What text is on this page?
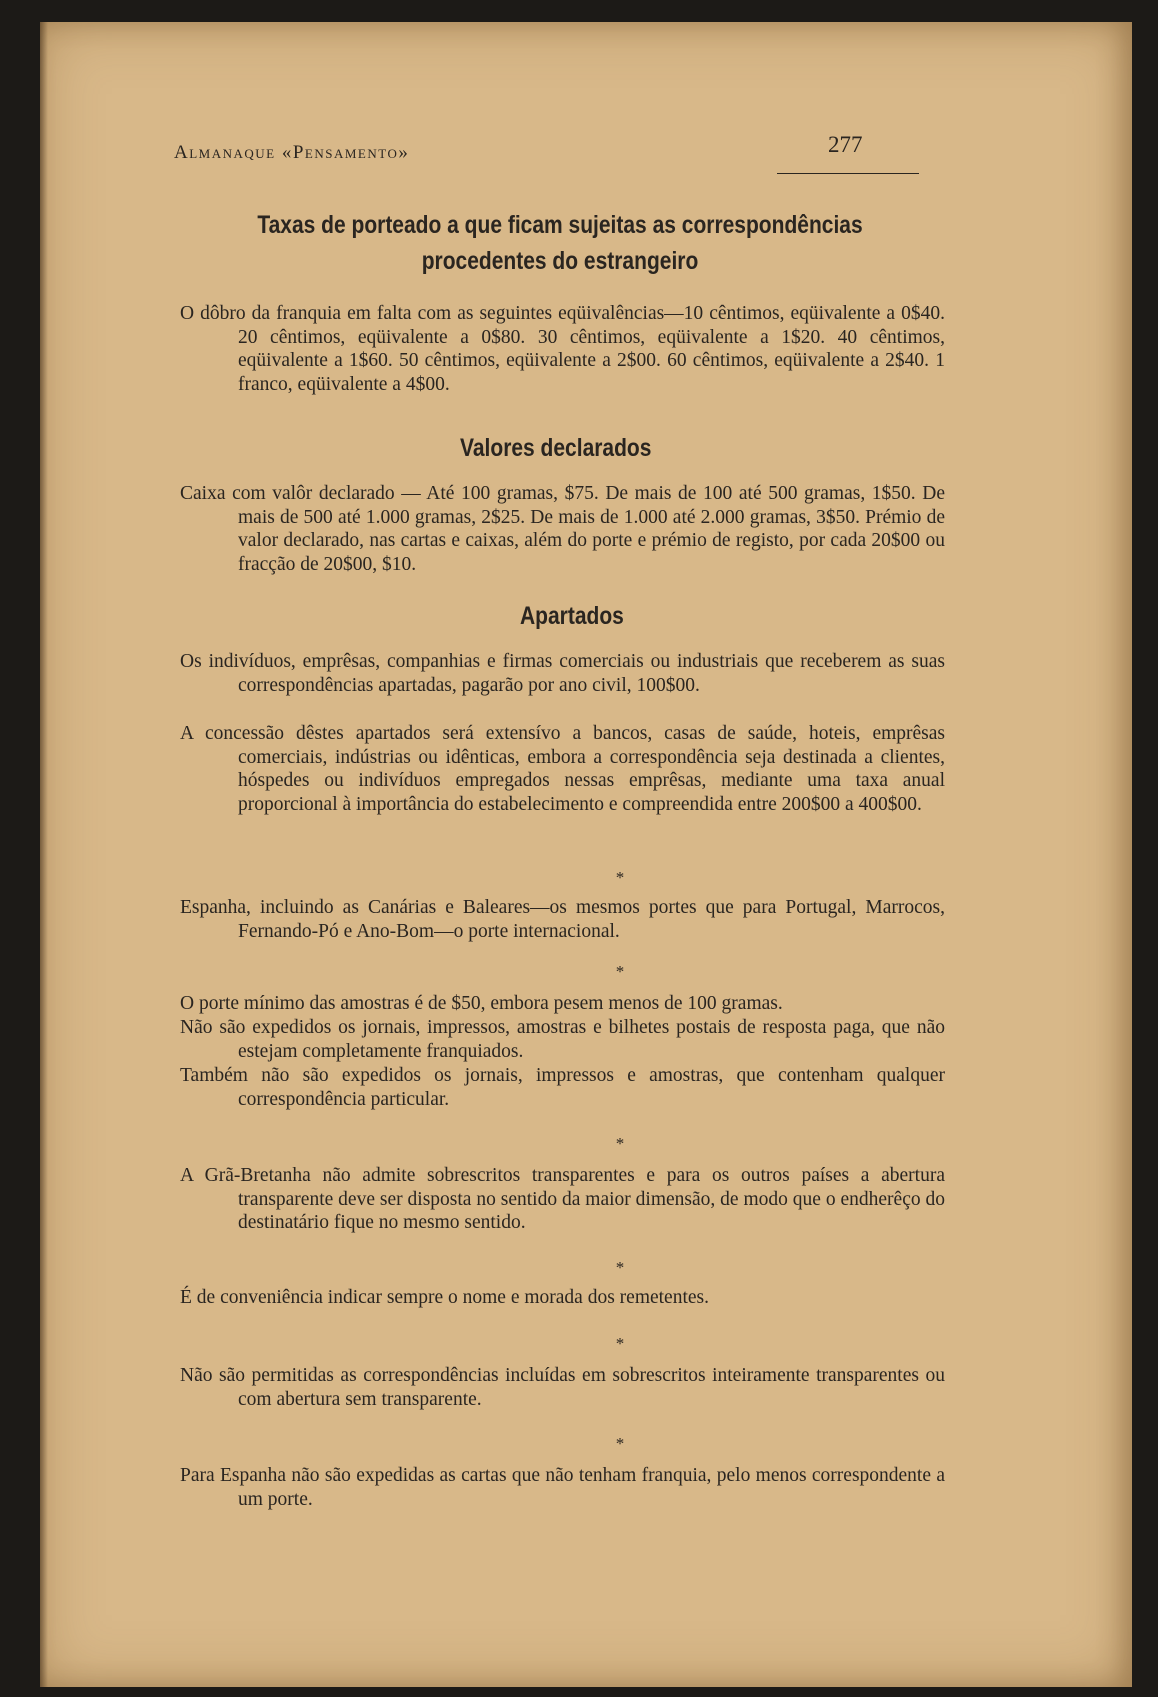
Almanaque «Pensamento»	277
Taxas de porteado a que ficam sujeitas as correspondências
procedentes do estrangeiro

O dôbro da franquia em falta com as seguintes eqüivalências—10 cêntimos, eqüivalente a 0$40. 20 cêntimos, eqüivalente a 0$80. 30 cêntimos, eqüivalente a 1$20. 40 cêntimos, eqüivalente a 1$60. 50 cêntimos, eqüivalente a 2$00. 60 cêntimos, eqüivalente a 2$40. 1 franco, eqüivalente a 4$00.

Valores declarados

Caixa com valôr declarado — Até 100 gramas, $75. De mais de 100 até 500 gramas, 1$50. De mais de 500 até 1.000 gramas, 2$25. De mais de 1.000 até 2.000 gramas, 3$50. Prémio de valor declarado, nas cartas e caixas, além do porte e prémio de registo, por cada 20$00 ou fracção de 20$00, $10.

Apartados

Os indivíduos, emprêsas, companhias e firmas comerciais ou industriais que receberem as suas correspondências apartadas, pagarão por ano civil, 100$00.

A concessão dêstes apartados será extensívo a bancos, casas de saúde, hoteis, emprêsas comerciais, indústrias ou idênticas, embora a correspondência seja destinada a clientes, hóspedes ou indivíduos empregados nessas emprêsas, mediante uma taxa anual proporcional à importância do estabelecimento e compreendida entre 200$00 a 400$00.

*

Espanha, incluindo as Canárias e Baleares—os mesmos portes que para Portugal, Marrocos, Fernando-Pó e Ano-Bom—o porte internacional.

*

O porte mínimo das amostras é de $50, embora pesem menos de 100 gramas.

Não são expedidos os jornais, impressos, amostras e bilhetes postais de resposta paga, que não estejam completamente franquiados.

Também não são expedidos os jornais, impressos e amostras, que contenham qualquer correspondência particular.

*

A Grã-Bretanha não admite sobrescritos transparentes e para os outros países a abertura transparente deve ser disposta no sentido da maior dimensão, de modo que o endherêço do destinatário fique no mesmo sentido.

*

É de conveniência indicar sempre o nome e morada dos remetentes.

*

Não são permitidas as correspondências incluídas em sobrescritos inteiramente transparentes ou com abertura sem transparente.

*

Para Espanha não são expedidas as cartas que não tenham franquia, pelo menos correspondente a um porte.
